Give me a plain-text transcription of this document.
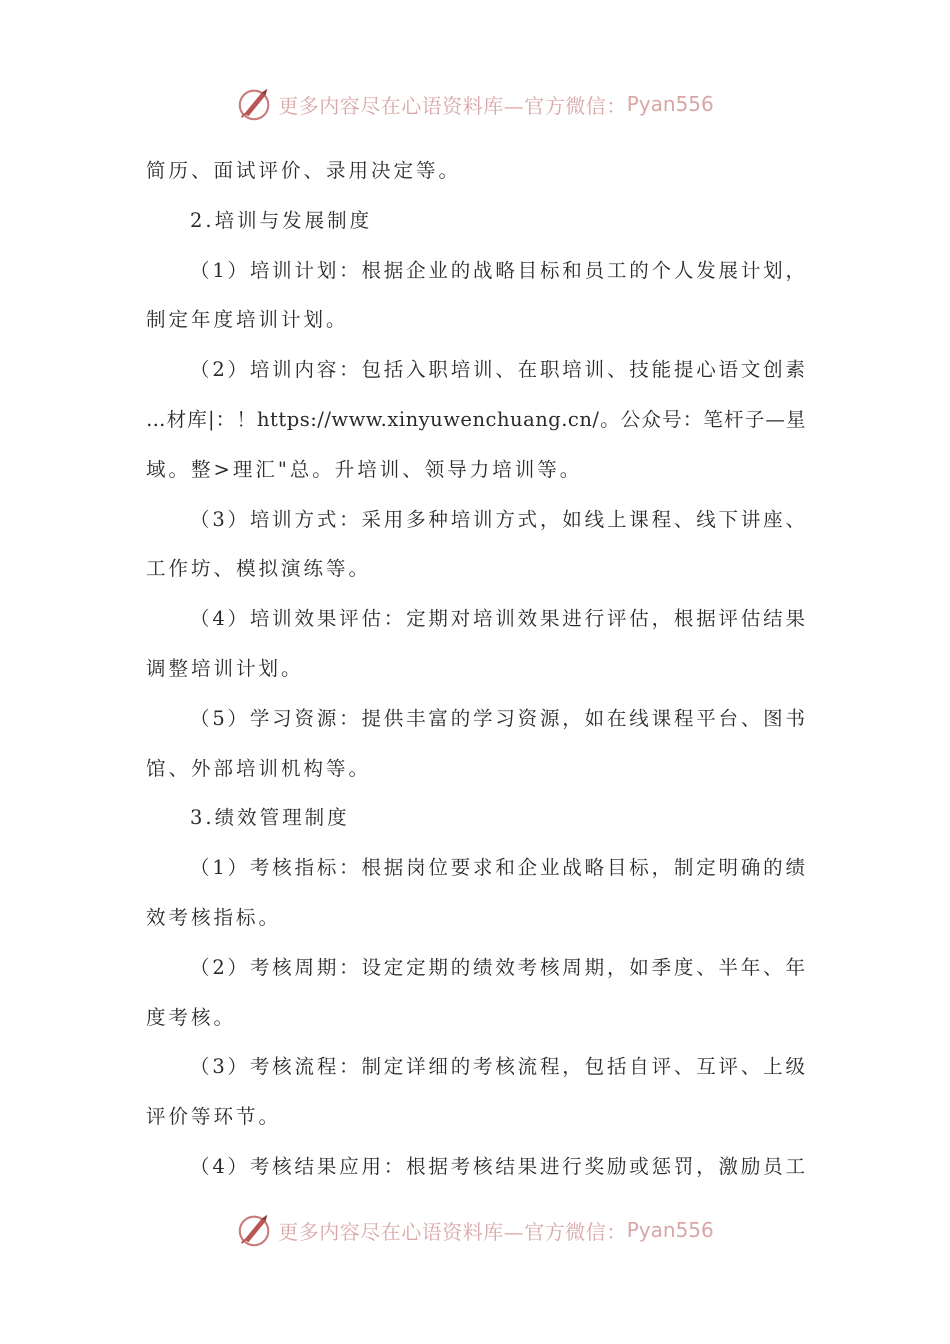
更多内容尽在心语资料库—官方微信： Pyan556
简历、面试评价、录用决定等。
2.培训与发展制度
（1）培训计划：根据企业的战略目标和员工的个人发展计划，
制定年度培训计划。
（2）培训内容：包括入职培训、在职培训、技能提心语文创素
…材库|：！https://www.xinyuwenchuang.cn/。公众号：笔杆子—星
域。整>理汇"总。升培训、领导力培训等。
（3）培训方式：采用多种培训方式，如线上课程、线下讲座、
工作坊、模拟演练等。
（4）培训效果评估：定期对培训效果进行评估，根据评估结果
调整培训计划。
（5）学习资源：提供丰富的学习资源，如在线课程平台、图书
馆、外部培训机构等。
3.绩效管理制度
（1）考核指标：根据岗位要求和企业战略目标，制定明确的绩
效考核指标。
（2）考核周期：设定定期的绩效考核周期，如季度、半年、年
度考核。
（3）考核流程：制定详细的考核流程，包括自评、互评、上级
评价等环节。
（4）考核结果应用：根据考核结果进行奖励或惩罚，激励员工
更多内容尽在心语资料库—官方微信： Pyan556
